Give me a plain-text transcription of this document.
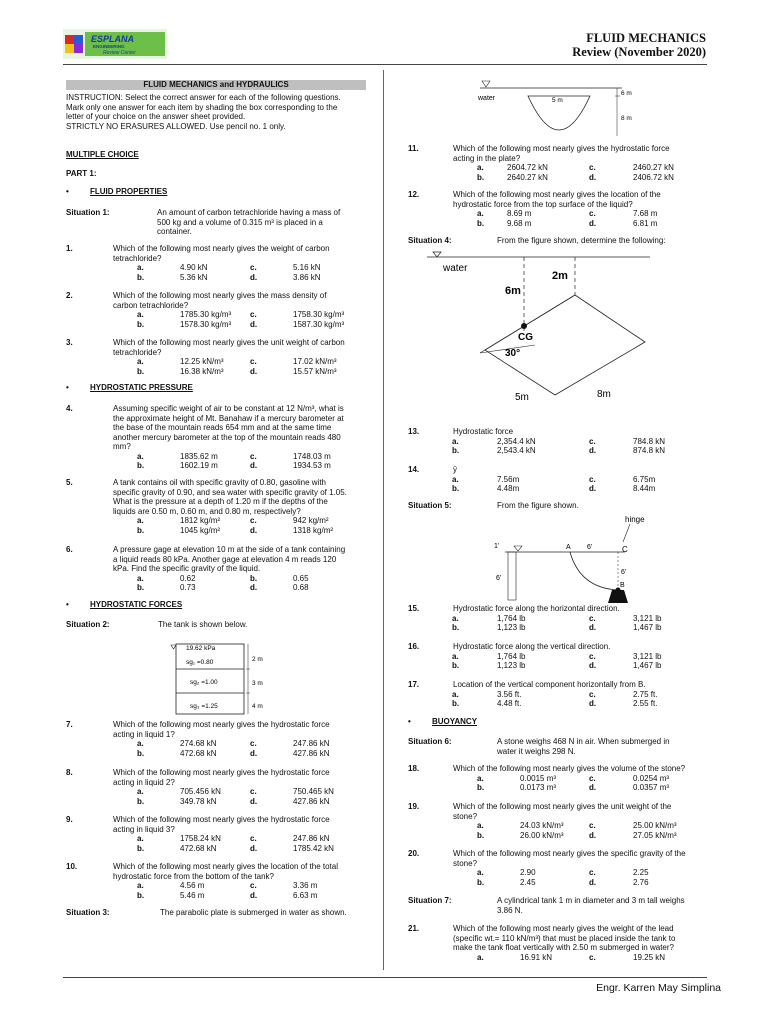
ESPLANA
ENGINEERING
Review Center
FLUID MECHANICS
Review (November 2020)
FLUID MECHANICS and HYDRAULICS
INSTRUCTION: Select the correct answer for each of the following questions.
Mark only one answer for each item by shading the box corresponding to the
letter of your choice on the answer sheet provided.
STRICTLY NO ERASURES ALLOWED. Use pencil no. 1 only.
MULTIPLE CHOICE
PART 1:
•	FLUID PROPERTIES
Situation 1:	An amount of carbon tetrachloride having a mass of
500 kg and a volume of 0.315 m³ is placed in a
container.
Situation 2:	The tank is shown below.
19.62 kPa
sg₁ =0.80
sg₂ =1.00
sg₃ =1.25
2 m
3 m
4 m
Situation 3:	The parabolic plate is submerged in water as shown.
water	5 m
6 m
8 m
Situation 4:	From the figure shown, determine the following:
water
2m
6m
CG
30°
5m	8m
Situation 5:	From the figure shown.
hinge
1'
6'
A 6'	C
6'
B
•	BUOYANCY
Situation 6:	A stone weighs 468 N in air. When submerged in
water it weighs 298 N.
Situation 7:	A cylindrical tank 1 m in diameter and 3 m tall weighs
3.86 N.
•	HYDROSTATIC PRESSURE
•	HYDROSTATIC FORCES
Engr. Karren May Simplina
1.	Which of the following most nearly gives the weight of carbon
tetrachloride?
a.	4.90 kN	c.	5.16 kN
b.	5.36 kN	d.	3.86 kN
2.	Which of the following most nearly gives the mass density of
carbon tetrachloride?
a.	1785.30 kg/m³ c.	1758.30 kg/m³
b.	1578.30 kg/m³ d.	1587.30 kg/m³
3.	Which of the following most nearly gives the unit weight of carbon
tetrachloride?
a.	12.25 kN/m³	c.	17.02 kN/m³
b.	16.38 kN/m³	d.	15.57 kN/m³
4.	Assuming specific weight of air to be constant at 12 N/m³, what is
the approximate height of Mt. Banahaw if a mercury barometer at
the base of the mountain reads 654 mm and at the same time
another mercury barometer at the top of the mountain reads 480
mm?
a.	1835.62 m	c.	1748.03 m
b.	1602.19 m	d.	1934.53 m
5.	A tank contains oil with specific gravity of 0.80, gasoline with
specific gravity of 0.90, and sea water with specific gravity of 1.05.
What is the pressure at a depth of 1.20 m if the depths of the
liquids are 0.50 m, 0.60 m, and 0.80 m, respectively?
a.	1812 kg/m²	c.	942 kg/m²
b.	1045 kg/m²	d.	1318 kg/m²
6.	A pressure gage at elevation 10 m at the side of a tank containing
a liquid reads 80 kPa. Another gage at elevation 4 m reads 120
kPa. Find the specific gravity of the liquid.
a.	0.62	b.	0.65
b.	0.73	d.	0.68
7.	Which of the following most nearly gives the hydrostatic force
acting in liquid 1?
a.	274.68 kN	c.	247.86 kN
b.	472.68 kN	d.	427.86 kN
8.	Which of the following most nearly gives the hydrostatic force
acting in liquid 2?
a.	705.456 kN	c.	750.465 kN
b.	349.78 kN	d.	427.86 kN
9.	Which of the following most nearly gives the hydrostatic force
acting in liquid 3?
a.	1758.24 kN	c.	247.86 kN
b.	472.68 kN	d.	1785.42 kN
10.	Which of the following most nearly gives the location of the total
hydrostatic force from the bottom of the tank?
a.	4.56 m	c.	3.36 m
b.	5.46 m	d.	6.63 m
11.	Which of the following most nearly gives the hydrostatic force
acting in the plate?
a.	2604.72 kN	c.	2460.27 kN
b.	2640.27 kN	d.	2406.72 kN
12.	Which of the following most nearly gives the location of the
hydrostatic force from the top surface of the liquid?
a.	8.69 m	c.	7.68 m
b.	9.68 m	d.	6.81 m
13.	Hydrostatic force
a.	2,354.4 kN	c.	784.8 kN
b.	2,543.4 kN	d.	874.8 kN
14.	ȳ
a.	7.56m	c.	6.75m
b.	4.48m	d.	8.44m
15.	Hydrostatic force along the horizontal direction.
a.	1,764 lb	c.	3,121 lb
b.	1,123 lb	d.	1,467 lb
16.	Hydrostatic force along the vertical direction.
a.	1,764 lb	c.	3,121 lb
b.	1,123 lb	d.	1,467 lb
17.	Location of the vertical component horizontally from B.
a.	3.56 ft.	c.	2.75 ft.
b.	4.48 ft.	d.	2.55 ft.
18.	Which of the following most nearly gives the volume of the stone?
a.	0.0015 m³	c.	0.0254 m³
b.	0.0173 m³	d.	0.0357 m³
19.	Which of the following most nearly gives the unit weight of the
stone?
a.	24.03 kN/m³	c.	25.00 kN/m³
b.	26.00 kN/m³	d.	27.05 kN/m³
20.	Which of the following most nearly gives the specific gravity of the
stone?
a.	2.90	c.	2.25
b.	2.45	d.	2.76
21.	Which of the following most nearly gives the weight of the lead
(specific wt.= 110 kN/m³) that must be placed inside the tank to
make the tank float vertically with 2.50 m submerged in water?
a.	16.91 kN	c.	19.25 kN
